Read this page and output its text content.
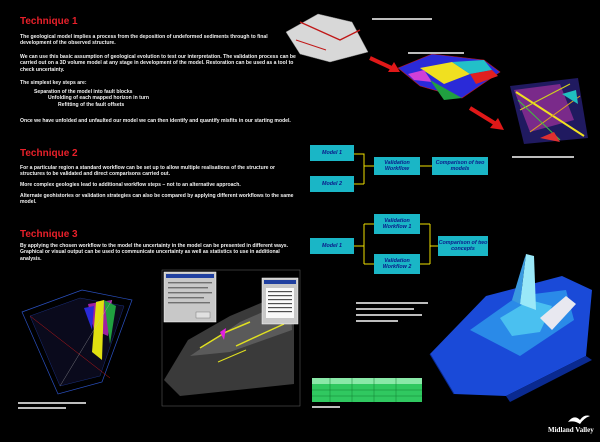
Technique 1
The geological model implies a process from the deposition of undeformed sediments through to final development of the observed structure.
We can use this basic assumption of geological evolution to test our interpretation. The validation process can be carried out on a 3D volume model at any stage in development of the model. Restoration can be used as a tool to check uncertainty.
The simplest key steps are:
Separation of the model into fault blocks
Unfolding of each mapped horizon in turn
Refitting of the fault offsets
Once we have unfolded and unfaulted our model we can then identify and quantify misfits in our starting model.
Technique 2
For a particular region a standard workflow can be set up to allow multiple realisations of the structure or structures to be validated and direct comparisons carried out.
More complex geologies lead to additional workflow steps – not to an alternative approach.
Alternate geohistories or validation strategies can also be compared by applying different workflows to the same model.
Technique 3
By applying the chosen workflow to the model the uncertainty in the model can be presented in different ways. Graphical or visual output can be used to communicate uncertainty as well as statistics to use in additional analysis.
Model 1
Model 2
Validation Workflow
Comparison of two models
Model 1
Validation Workflow 1
Validation Workflow 2
Comparison of two concepts
Midland Valley
